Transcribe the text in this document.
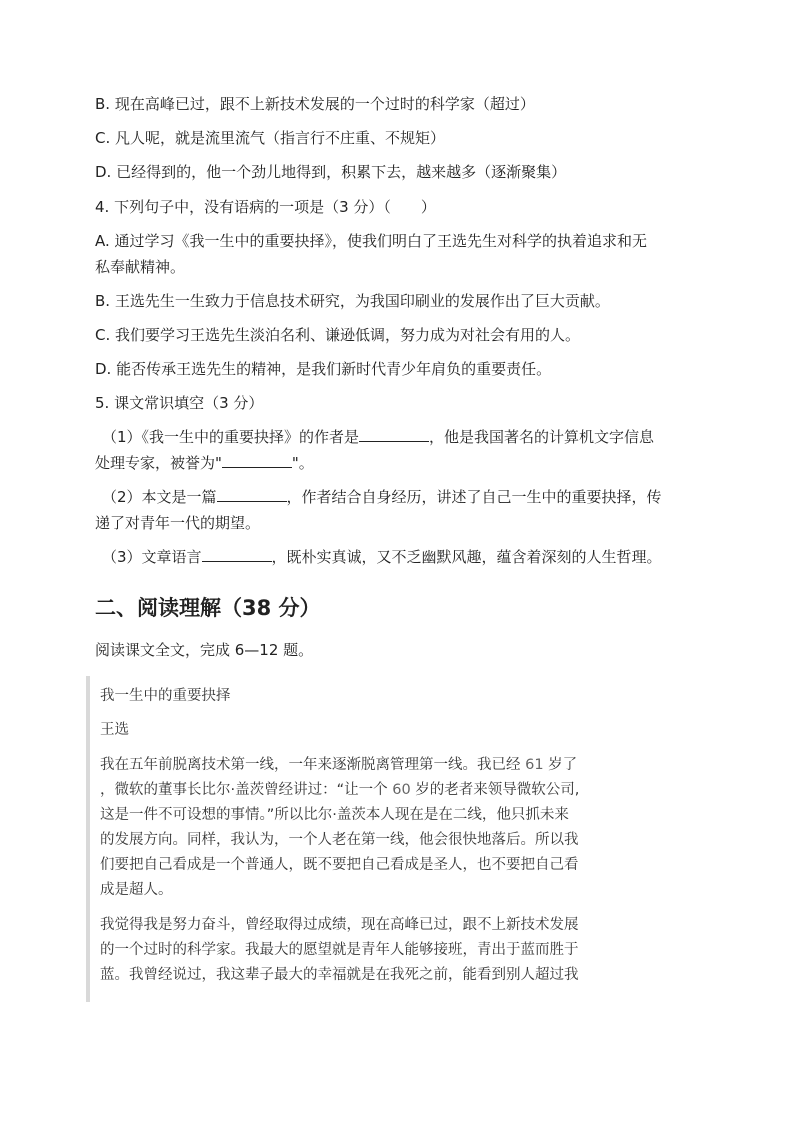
B. 现在高峰已过，跟不上新技术发展的一个过时的科学家（超过）
C. 凡人呢，就是流里流气（指言行不庄重、不规矩）
D. 已经得到的，他一个劲儿地得到，积累下去，越来越多（逐渐聚集）
4. 下列句子中，没有语病的一项是（3 分）（　　）
A. 通过学习《我一生中的重要抉择》，使我们明白了王选先生对科学的执着追求和无
私奉献精神。
B. 王选先生一生致力于信息技术研究，为我国印刷业的发展作出了巨大贡献。
C. 我们要学习王选先生淡泊名利、谦逊低调，努力成为对社会有用的人。
D. 能否传承王选先生的精神，是我们新时代青少年肩负的重要责任。
5. 课文常识填空（3 分）
（1）《我一生中的重要抉择》的作者是	，他是我国著名的计算机文字信息
处理专家，被誉为"	"。
（2）本文是一篇	，作者结合自身经历，讲述了自己一生中的重要抉择，传
递了对青年一代的期望。
（3）文章语言	，既朴实真诚，又不乏幽默风趣，蕴含着深刻的人生哲理。
二、阅读理解（38 分）
阅读课文全文，完成 6—12 题。
我一生中的重要抉择
王选
我在五年前脱离技术第一线，一年来逐渐脱离管理第一线。我已经 61 岁了
，微软的董事长比尔·盖茨曾经讲过：“让一个 60 岁的老者来领导微软公司,
这是一件不可设想的事情。”所以比尔·盖茨本人现在是在二线，他只抓未来
的发展方向。同样，我认为，一个人老在第一线，他会很快地落后。所以我
们要把自己看成是一个普通人，既不要把自己看成是圣人，也不要把自己看
成是超人。
我觉得我是努力奋斗，曾经取得过成绩，现在高峰已过，跟不上新技术发展
的一个过时的科学家。我最大的愿望就是青年人能够接班，青出于蓝而胜于
蓝。我曾经说过，我这辈子最大的幸福就是在我死之前，能看到别人超过我
